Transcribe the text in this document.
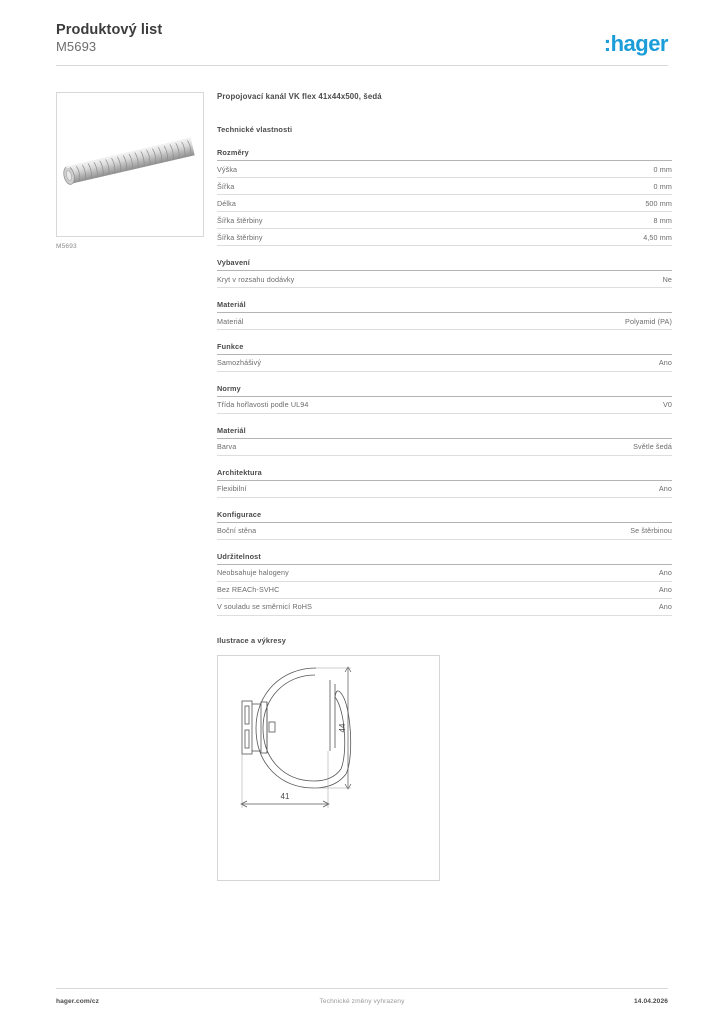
Produktový list
M5693	:hager
M5693
Propojovací kanál VK flex 41x44x500, šedá
Technické vlastnosti
Rozměry
Výška	0 mm
Šířka	0 mm
Délka	500 mm
Šířka štěrbiny	8 mm
Šířka štěrbiny	4,50 mm
Vybavení
Kryt v rozsahu dodávky	Ne
Materiál
Materiál	Polyamid (PA)
Funkce
Samozhášivý	Ano
Normy
Třída hořlavosti podle UL94	V0
Materiál
Barva	Světle šedá
Architektura
Flexibilní	Ano
Konfigurace
Boční stěna	Se štěrbinou
Udržitelnost
Neobsahuje halogeny	Ano
Bez REACh-SVHC	Ano
V souladu se směrnicí RoHS	Ano
Ilustrace a výkresy
44
41
Technické změny vyhrazeny
hager.com/cz	14.04.2026
